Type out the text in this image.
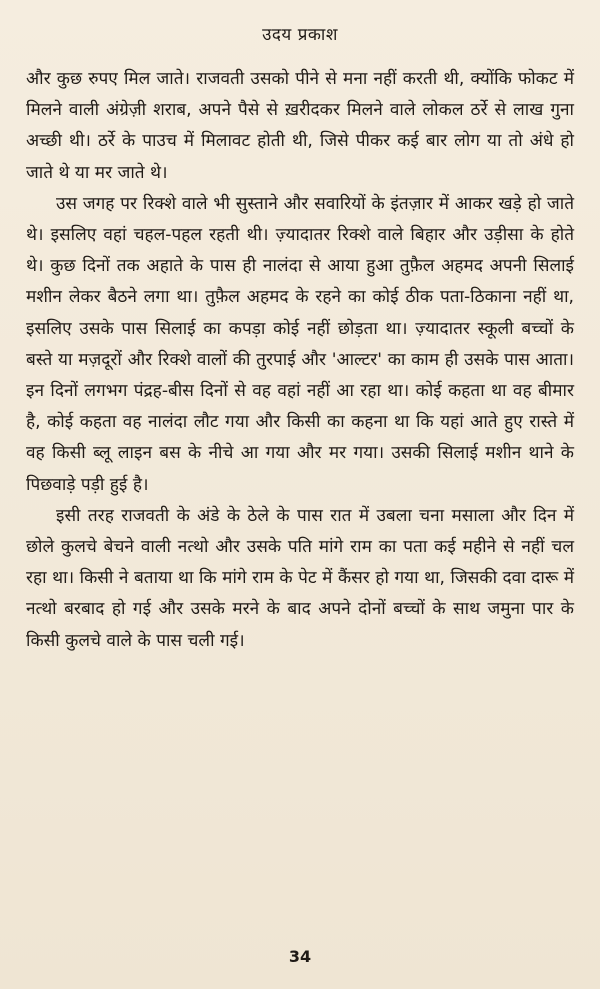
उदय प्रकाश

और कुछ रुपए मिल जाते। राजवती उसको पीने से मना नहीं करती थी, क्योंकि फोकट में मिलने वाली अंग्रेज़ी शराब, अपने पैसे से ख़रीदकर मिलने वाले लोकल ठर्रे से लाख गुना अच्छी थी। ठर्रे के पाउच में मिलावट होती थी, जिसे पीकर कई बार लोग या तो अंधे हो जाते थे या मर जाते थे।

उस जगह पर रिक्शे वाले भी सुस्ताने और सवारियों के इंतज़ार में आकर खड़े हो जाते थे। इसलिए वहां चहल-पहल रहती थी। ज़्यादातर रिक्शे वाले बिहार और उड़ीसा के होते थे। कुछ दिनों तक अहाते के पास ही नालंदा से आया हुआ तुफ़ैल अहमद अपनी सिलाई मशीन लेकर बैठने लगा था। तुफ़ैल अहमद के रहने का कोई ठीक पता-ठिकाना नहीं था, इसलिए उसके पास सिलाई का कपड़ा कोई नहीं छोड़ता था। ज़्यादातर स्कूली बच्चों के बस्ते या मज़दूरों और रिक्शे वालों की तुरपाई और 'आल्टर' का काम ही उसके पास आता। इन दिनों लगभग पंद्रह-बीस दिनों से वह वहां नहीं आ रहा था। कोई कहता था वह बीमार है, कोई कहता वह नालंदा लौट गया और किसी का कहना था कि यहां आते हुए रास्ते में वह किसी ब्लू लाइन बस के नीचे आ गया और मर गया। उसकी सिलाई मशीन थाने के पिछवाड़े पड़ी हुई है।

इसी तरह राजवती के अंडे के ठेले के पास रात में उबला चना मसाला और दिन में छोले कुलचे बेचने वाली नत्थो और उसके पति मांगे राम का पता कई महीने से नहीं चल रहा था। किसी ने बताया था कि मांगे राम के पेट में कैंसर हो गया था, जिसकी दवा दारू में नत्थो बरबाद हो गई और उसके मरने के बाद अपने दोनों बच्चों के साथ जमुना पार के किसी कुलचे वाले के पास चली गई।

34
